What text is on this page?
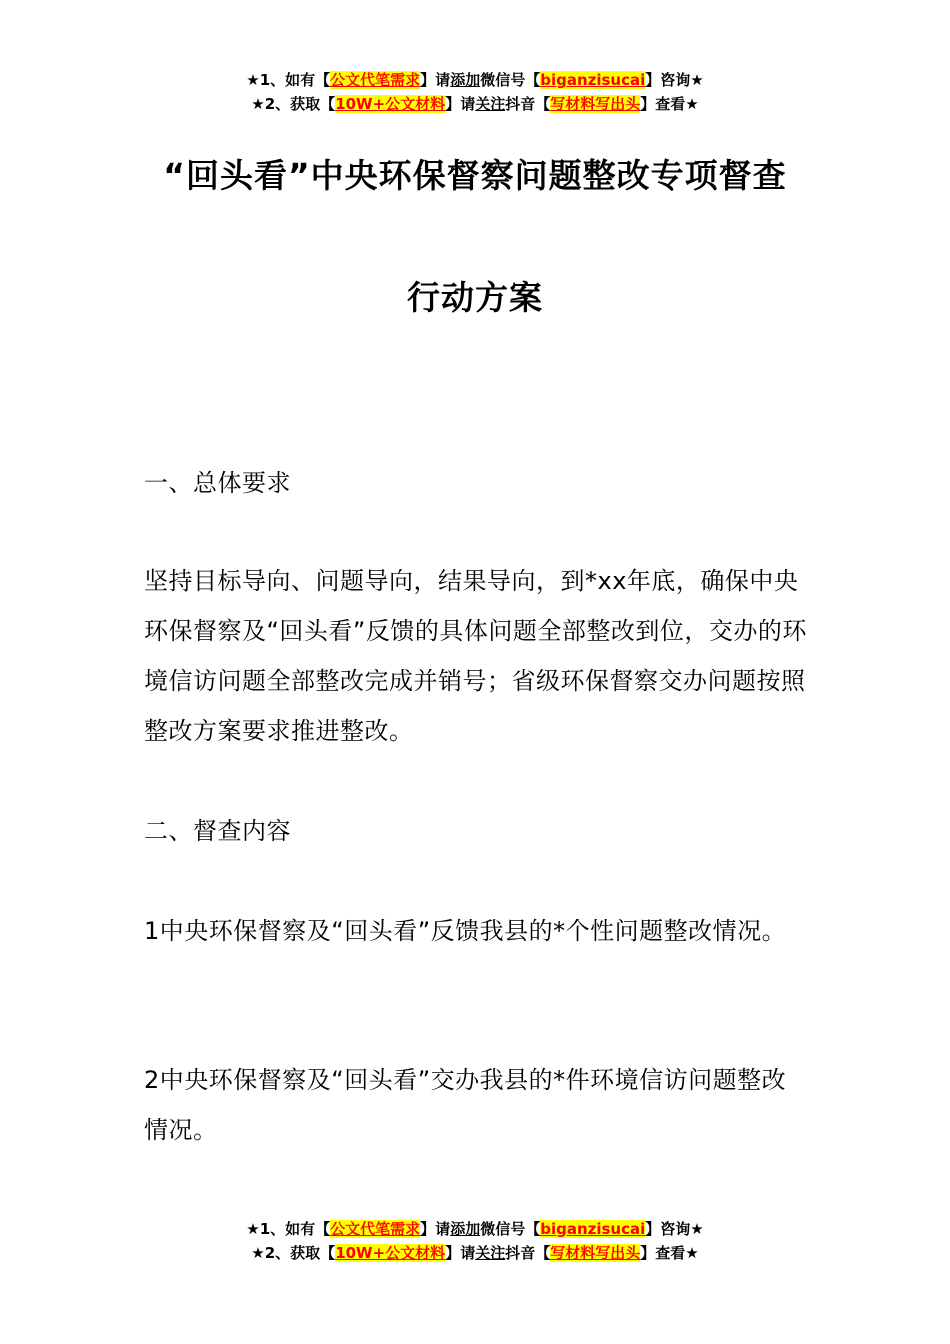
★1、如有【公文代笔需求】请添加微信号【biganzisucai】咨询★
★2、获取【10W+公文材料】请关注抖音【写材料写出头】查看★
“回头看”中央环保督察问题整改专项督查
行动方案
一、总体要求
坚持目标导向、问题导向，结果导向，到*xx年底，确保中央环保督察及“回头看”反馈的具体问题全部整改到位，交办的环境信访问题全部整改完成并销号；省级环保督察交办问题按照整改方案要求推进整改。
二、督查内容
1中央环保督察及“回头看”反馈我县的*个性问题整改情况。
2中央环保督察及“回头看”交办我县的*件环境信访问题整改情况。
★1、如有【公文代笔需求】请添加微信号【biganzisucai】咨询★
★2、获取【10W+公文材料】请关注抖音【写材料写出头】查看★
